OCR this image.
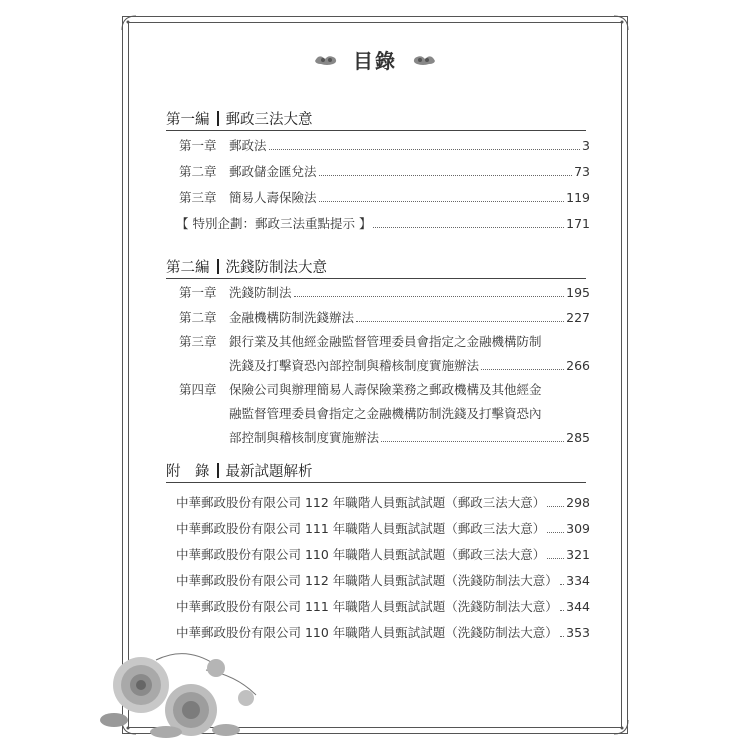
目錄
第一編 郵政三法大意
第一章 郵政法	3
第二章 郵政儲金匯兌法	73
第三章 簡易人壽保險法	119
【 特別企劃：郵政三法重點提示 】	171
第二編 洗錢防制法大意
第一章 洗錢防制法	195
第二章 金融機構防制洗錢辦法	227
第三章 銀行業及其他經金融監督管理委員會指定之金融機構防制
洗錢及打擊資恐內部控制與稽核制度實施辦法	266
第四章 保險公司與辦理簡易人壽保險業務之郵政機構及其他經金
融監督管理委員會指定之金融機構防制洗錢及打擊資恐內
部控制與稽核制度實施辦法	285
附　錄 最新試題解析
中華郵政股份有限公司 112 年職階人員甄試試題（郵政三法大意） 298
中華郵政股份有限公司 111 年職階人員甄試試題（郵政三法大意） 309
中華郵政股份有限公司 110 年職階人員甄試試題（郵政三法大意） 321
中華郵政股份有限公司 112 年職階人員甄試試題（洗錢防制法大意） 334
中華郵政股份有限公司 111 年職階人員甄試試題（洗錢防制法大意） 344
中華郵政股份有限公司 110 年職階人員甄試試題（洗錢防制法大意） 353
